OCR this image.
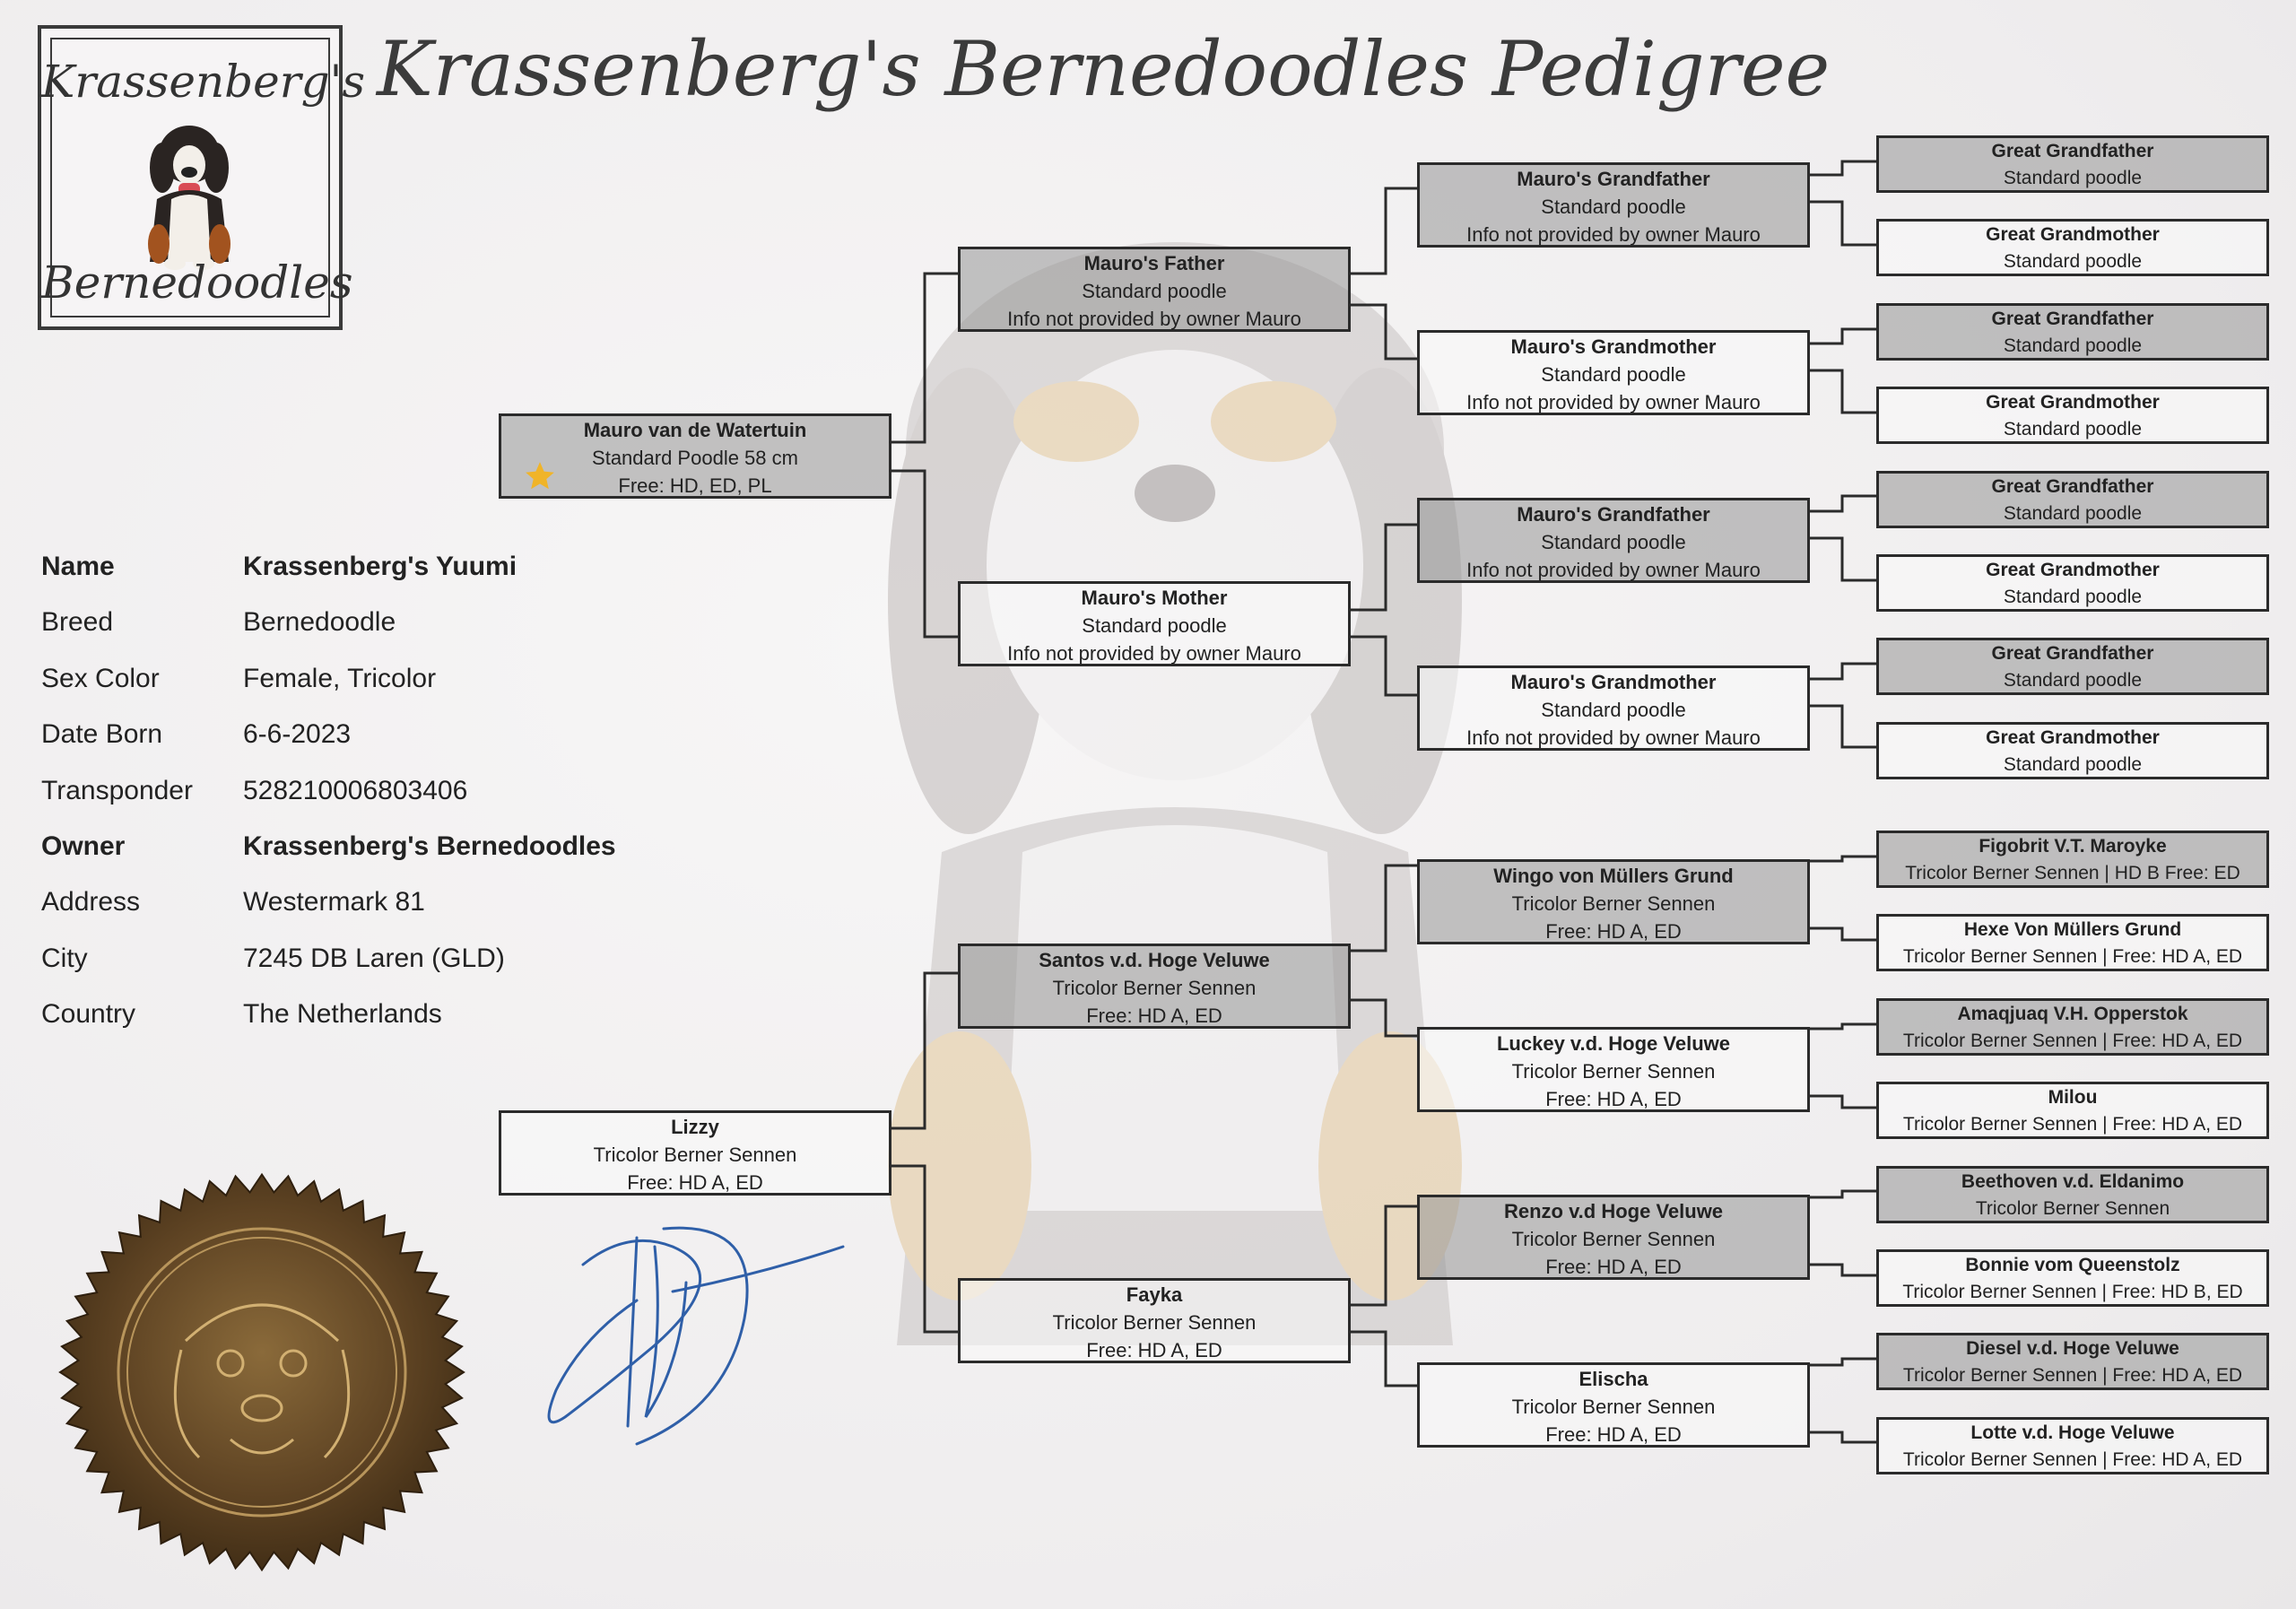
Krassenberg's
Bernedoodles
Krassenberg's Bernedoodles Pedigree
Name	Krassenberg's Yuumi
Breed	Bernedoodle
Sex Color	Female, Tricolor
Date Born	6-6-2023
Transponder 528210006803406
Owner	Krassenberg's Bernedoodles
Address	Westermark 81
City	7245 DB Laren (GLD)
Country	The Netherlands
Mauro van de Watertuin
Standard Poodle 58 cm
Free: HD, ED, PL
Lizzy
Tricolor Berner Sennen
Free: HD A, ED
Mauro's Father
Standard poodle
Info not provided by owner Mauro
Mauro's Mother
Standard poodle
Info not provided by owner Mauro
Santos v.d. Hoge Veluwe
Tricolor Berner Sennen
Free: HD A, ED
Fayka
Tricolor Berner Sennen
Free: HD A, ED
Mauro's Grandfather
Standard poodle
Info not provided by owner Mauro
Mauro's Grandmother
Standard poodle
Info not provided by owner Mauro
Mauro's Grandfather
Standard poodle
Info not provided by owner Mauro
Mauro's Grandmother
Standard poodle
Info not provided by owner Mauro
Wingo von Müllers Grund
Tricolor Berner Sennen
Free: HD A, ED
Luckey v.d. Hoge Veluwe
Tricolor Berner Sennen
Free: HD A, ED
Renzo v.d Hoge Veluwe
Tricolor Berner Sennen
Free: HD A, ED
Elischa
Tricolor Berner Sennen
Free: HD A, ED
Great Grandfather
Standard poodle
Great Grandmother
Standard poodle
Great Grandfather
Standard poodle
Great Grandmother
Standard poodle
Great Grandfather
Standard poodle
Great Grandmother
Standard poodle
Great Grandfather
Standard poodle
Great Grandmother
Standard poodle
Figobrit V.T. Maroyke
Tricolor Berner Sennen | HD B Free: ED
Hexe Von Müllers Grund
Tricolor Berner Sennen | Free: HD A, ED
Amaqjuaq V.H. Opperstok
Tricolor Berner Sennen | Free: HD A, ED
Milou
Tricolor Berner Sennen | Free: HD A, ED
Beethoven v.d. Eldanimo
Tricolor Berner Sennen
Bonnie vom Queenstolz
Tricolor Berner Sennen | Free: HD B, ED
Diesel v.d. Hoge Veluwe
Tricolor Berner Sennen | Free: HD A, ED
Lotte v.d. Hoge Veluwe
Tricolor Berner Sennen | Free: HD A, ED
